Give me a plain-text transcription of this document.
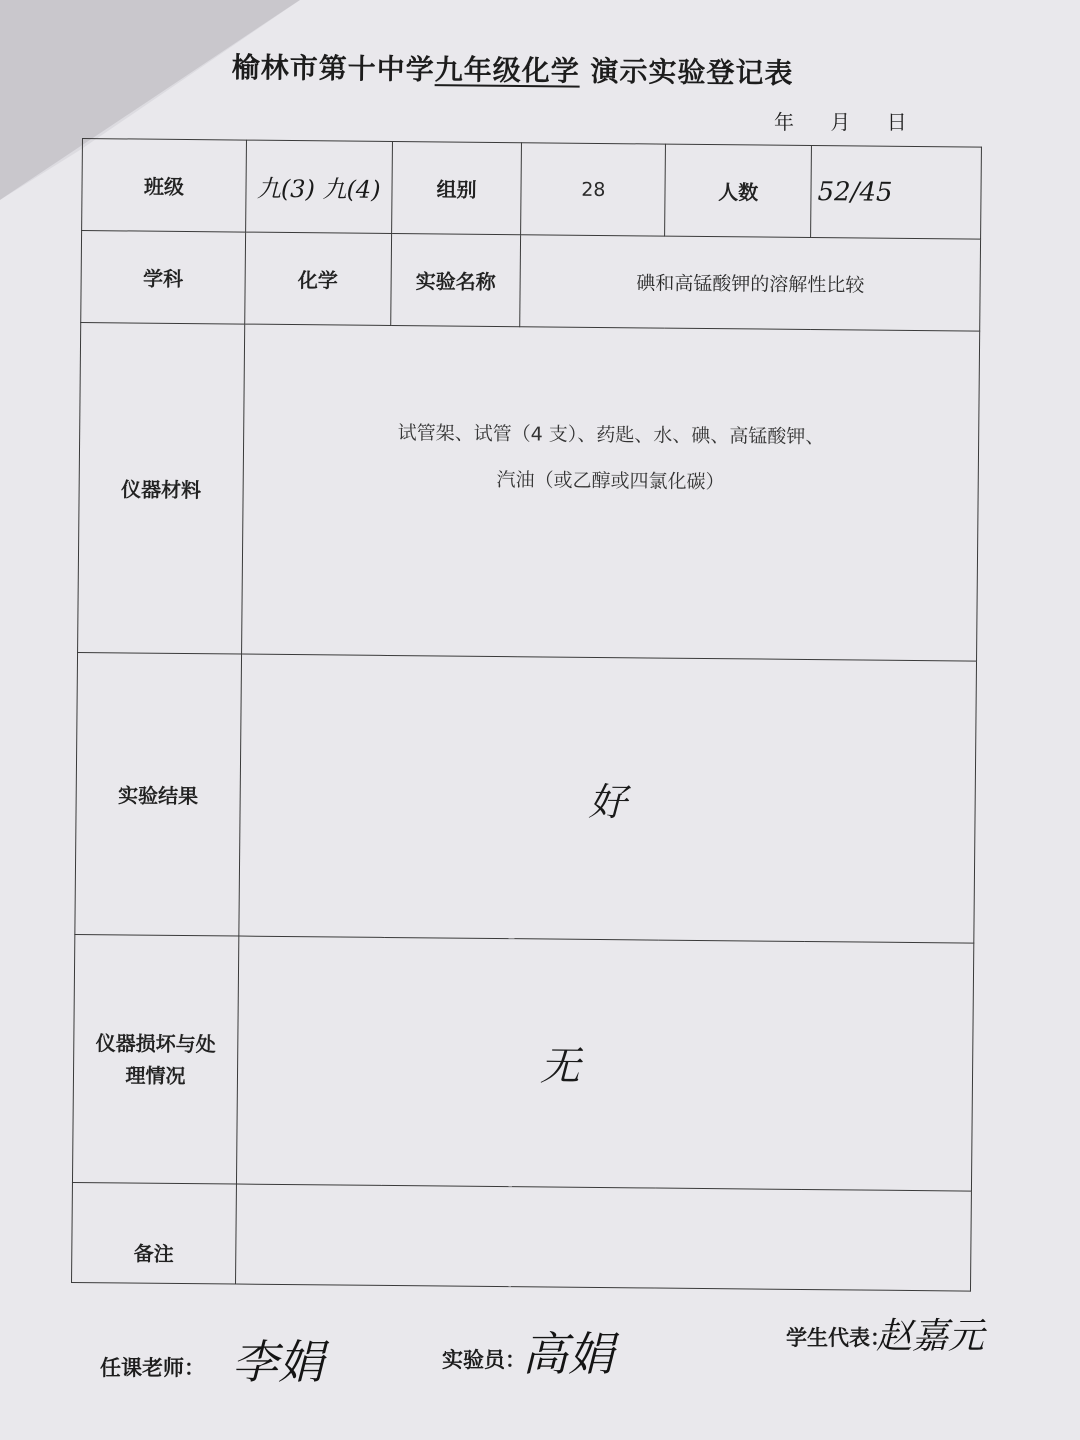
榆林市第十中学九年级化学 演示实验登记表
年 月 日
班级	九(3) 九(4)	组别	28	人数	52/45
学科	化学	实验名称	碘和高锰酸钾的溶解性比较		
仪器材料	试管架、试管（4 支）、药匙、水、碘、高锰酸钾、
汽油（或乙醇或四氯化碳）				

实验结果	好				

仪器损坏与处
理情况	无				
备注					
任课老师： 李娟	实验员：
高娟	学生代表：
赵嘉元
